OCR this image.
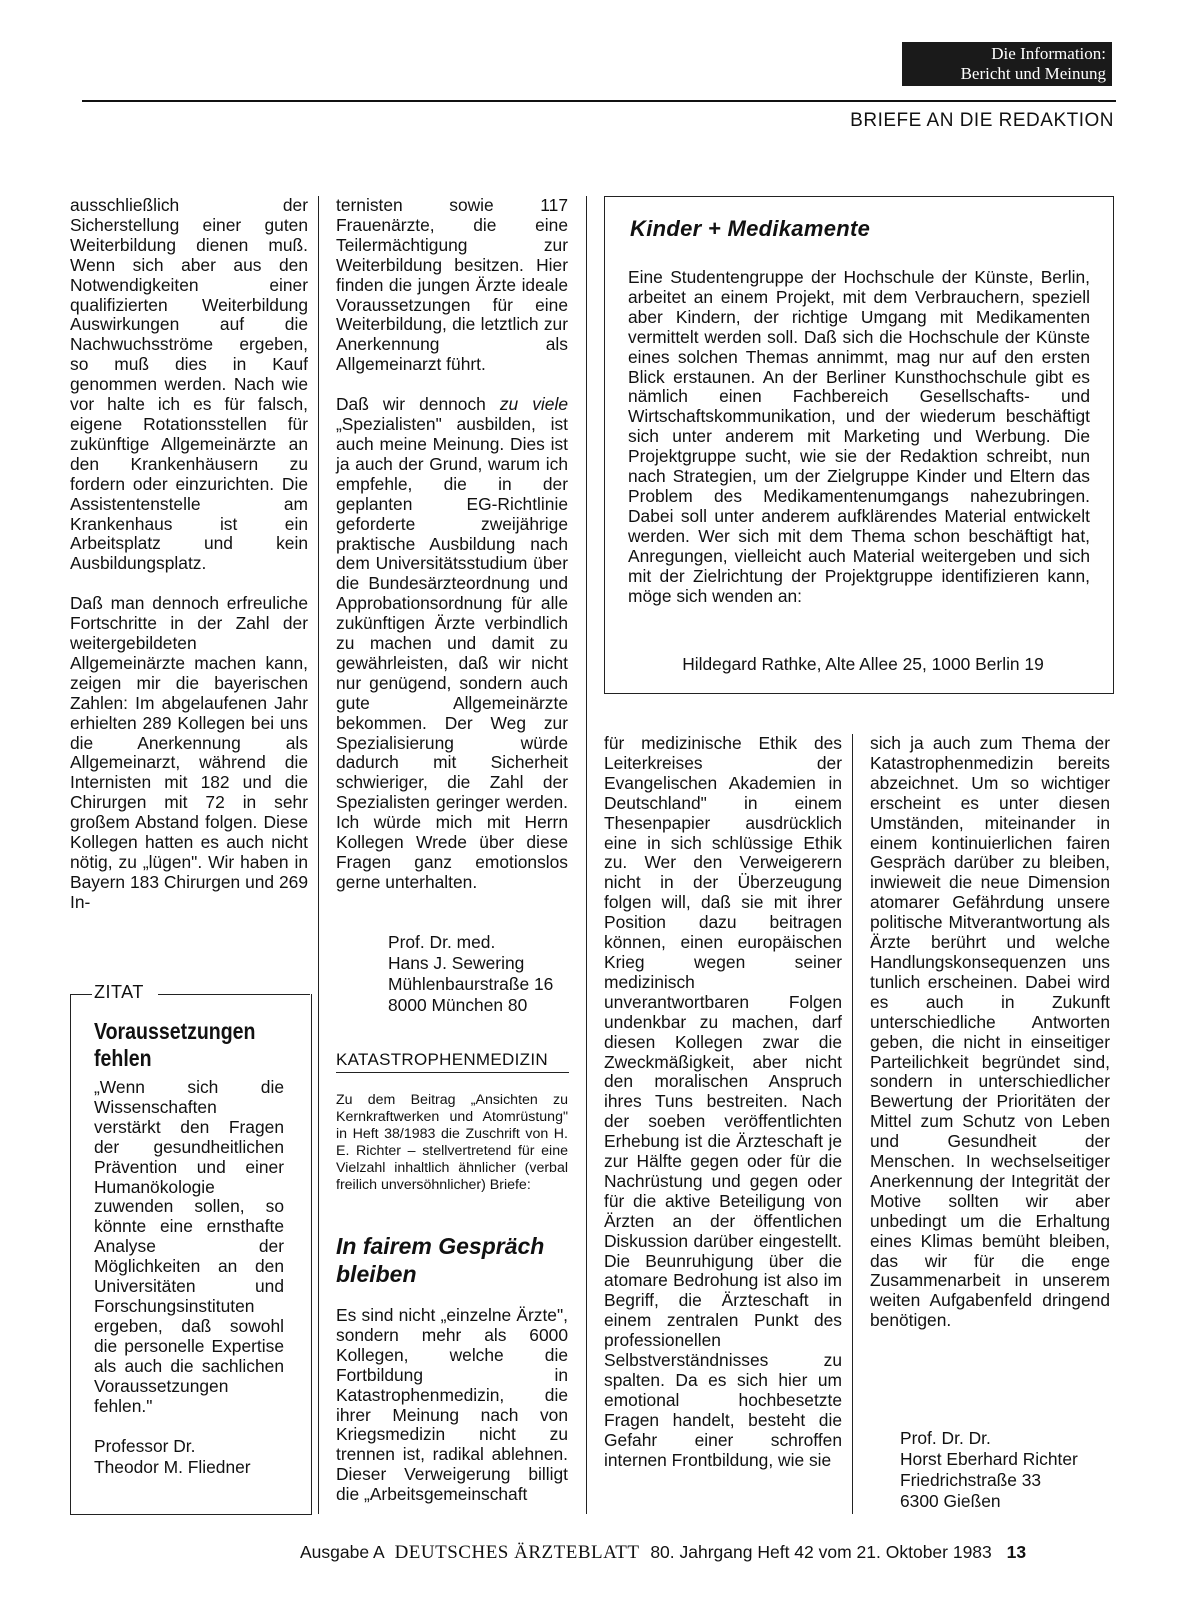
Die Information:
Bericht und Meinung
BRIEFE AN DIE REDAKTION

ausschließlich der Sicherstellung einer guten Weiterbildung dienen muß. Wenn sich aber aus den Notwendigkeiten einer qualifizierten Weiterbildung Auswirkungen auf die Nachwuchsströme ergeben, so muß dies in Kauf genommen werden. Nach wie vor halte ich es für falsch, eigene Rotationsstellen für zukünftige Allgemeinärzte an den Krankenhäusern zu fordern oder einzurichten. Die Assistentenstelle am Krankenhaus ist ein Arbeitsplatz und kein Ausbildungsplatz.

Daß man dennoch erfreuliche Fortschritte in der Zahl der weitergebildeten Allgemeinärzte machen kann, zeigen mir die bayerischen Zahlen: Im abgelaufenen Jahr erhielten 289 Kollegen bei uns die Anerkennung als Allgemeinarzt, während die Internisten mit 182 und die Chirurgen mit 72 in sehr großem Abstand folgen. Diese Kollegen hatten es auch nicht nötig, zu „lügen". Wir haben in Bayern 183 Chirurgen und 269 In-

ZITAT
Voraussetzungen fehlen

„Wenn sich die Wissenschaften verstärkt den Fragen der gesundheitlichen Prävention und einer Humanökologie zuwenden sollen, so könnte eine ernsthafte Analyse der Möglichkeiten an den Universitäten und Forschungsinstituten ergeben, daß sowohl die personelle Expertise als auch die sachlichen Voraussetzungen fehlen."

Professor Dr.
Theodor M. Fliedner

ternisten sowie 117 Frauenärzte, die eine Teilermächtigung zur Weiterbildung besitzen. Hier finden die jungen Ärzte ideale Voraussetzungen für eine Weiterbildung, die letztlich zur Anerkennung als Allgemeinarzt führt.

Daß wir dennoch zu viele „Spezialisten" ausbilden, ist auch meine Meinung. Dies ist ja auch der Grund, warum ich empfehle, die in der geplanten EG-Richtlinie geforderte zweijährige praktische Ausbildung nach dem Universitätsstudium über die Bundesärzteordnung und Approbationsordnung für alle zukünftigen Ärzte verbindlich zu machen und damit zu gewährleisten, daß wir nicht nur genügend, sondern auch gute Allgemeinärzte bekommen. Der Weg zur Spezialisierung würde dadurch mit Sicherheit schwieriger, die Zahl der Spezialisten geringer werden. Ich würde mich mit Herrn Kollegen Wrede über diese Fragen ganz emotionslos gerne unterhalten.

Prof. Dr. med.
Hans J. Sewering
Mühlenbaurstraße 16
8000 München 80
KATASTROPHENMEDIZIN
Zu dem Beitrag „Ansichten zu Kernkraftwerken und Atomrüstung" in Heft 38/1983 die Zuschrift von H. E. Richter – stellvertretend für eine Vielzahl inhaltlich ähnlicher (verbal freilich unversöhnlicher) Briefe:
In fairem Gespräch bleiben

Es sind nicht „einzelne Ärzte", sondern mehr als 6000 Kollegen, welche die Fortbildung in Katastrophenmedizin, die ihrer Meinung nach von Kriegsmedizin nicht zu trennen ist, radikal ablehnen. Dieser Verweigerung billigt die „Arbeitsgemeinschaft

Kinder + Medikamente

Eine Studentengruppe der Hochschule der Künste, Berlin, arbeitet an einem Projekt, mit dem Verbrauchern, speziell aber Kindern, der richtige Umgang mit Medikamenten vermittelt werden soll. Daß sich die Hochschule der Künste eines solchen Themas annimmt, mag nur auf den ersten Blick erstaunen. An der Berliner Kunsthochschule gibt es nämlich einen Fachbereich Gesellschafts- und Wirtschaftskommunikation, und der wiederum beschäftigt sich unter anderem mit Marketing und Werbung. Die Projektgruppe sucht, wie sie der Redaktion schreibt, nun nach Strategien, um der Zielgruppe Kinder und Eltern das Problem des Medikamentenumgangs nahezubringen. Dabei soll unter anderem aufklärendes Material entwickelt werden. Wer sich mit dem Thema schon beschäftigt hat, Anregungen, vielleicht auch Material weitergeben und sich mit der Zielrichtung der Projektgruppe identifizieren kann, möge sich wenden an:

Hildegard Rathke, Alte Allee 25, 1000 Berlin 19

für medizinische Ethik des Leiterkreises der Evangelischen Akademien in Deutschland" in einem Thesenpapier ausdrücklich eine in sich schlüssige Ethik zu. Wer den Verweigerern nicht in der Überzeugung folgen will, daß sie mit ihrer Position dazu beitragen können, einen europäischen Krieg wegen seiner medizinisch unverantwortbaren Folgen undenkbar zu machen, darf diesen Kollegen zwar die Zweckmäßigkeit, aber nicht den moralischen Anspruch ihres Tuns bestreiten. Nach der soeben veröffentlichten Erhebung ist die Ärzteschaft je zur Hälfte gegen oder für die Nachrüstung und gegen oder für die aktive Beteiligung von Ärzten an der öffentlichen Diskussion darüber eingestellt. Die Beunruhigung über die atomare Bedrohung ist also im Begriff, die Ärzteschaft in einem zentralen Punkt des professionellen Selbstverständnisses zu spalten. Da es sich hier um emotional hochbesetzte Fragen handelt, besteht die Gefahr einer schroffen internen Frontbildung, wie sie

sich ja auch zum Thema der Katastrophenmedizin bereits abzeichnet. Um so wichtiger erscheint es unter diesen Umständen, miteinander in einem kontinuierlichen fairen Gespräch darüber zu bleiben, inwieweit die neue Dimension atomarer Gefährdung unsere politische Mitverantwortung als Ärzte berührt und welche Handlungskonsequenzen uns tunlich erscheinen. Dabei wird es auch in Zukunft unterschiedliche Antworten geben, die nicht in einseitiger Parteilichkeit begründet sind, sondern in unterschiedlicher Bewertung der Prioritäten der Mittel zum Schutz von Leben und Gesundheit der Menschen. In wechselseitiger Anerkennung der Integrität der Motive sollten wir aber unbedingt um die Erhaltung eines Klimas bemüht bleiben, das wir für die enge Zusammenarbeit in unserem weiten Aufgabenfeld dringend benötigen.

Prof. Dr. Dr.
Horst Eberhard Richter
Friedrichstraße 33
6300 Gießen
Ausgabe A DEUTSCHES ÄRZTEBLATT 80. Jahrgang Heft 42 vom 21. Oktober 1983 13
